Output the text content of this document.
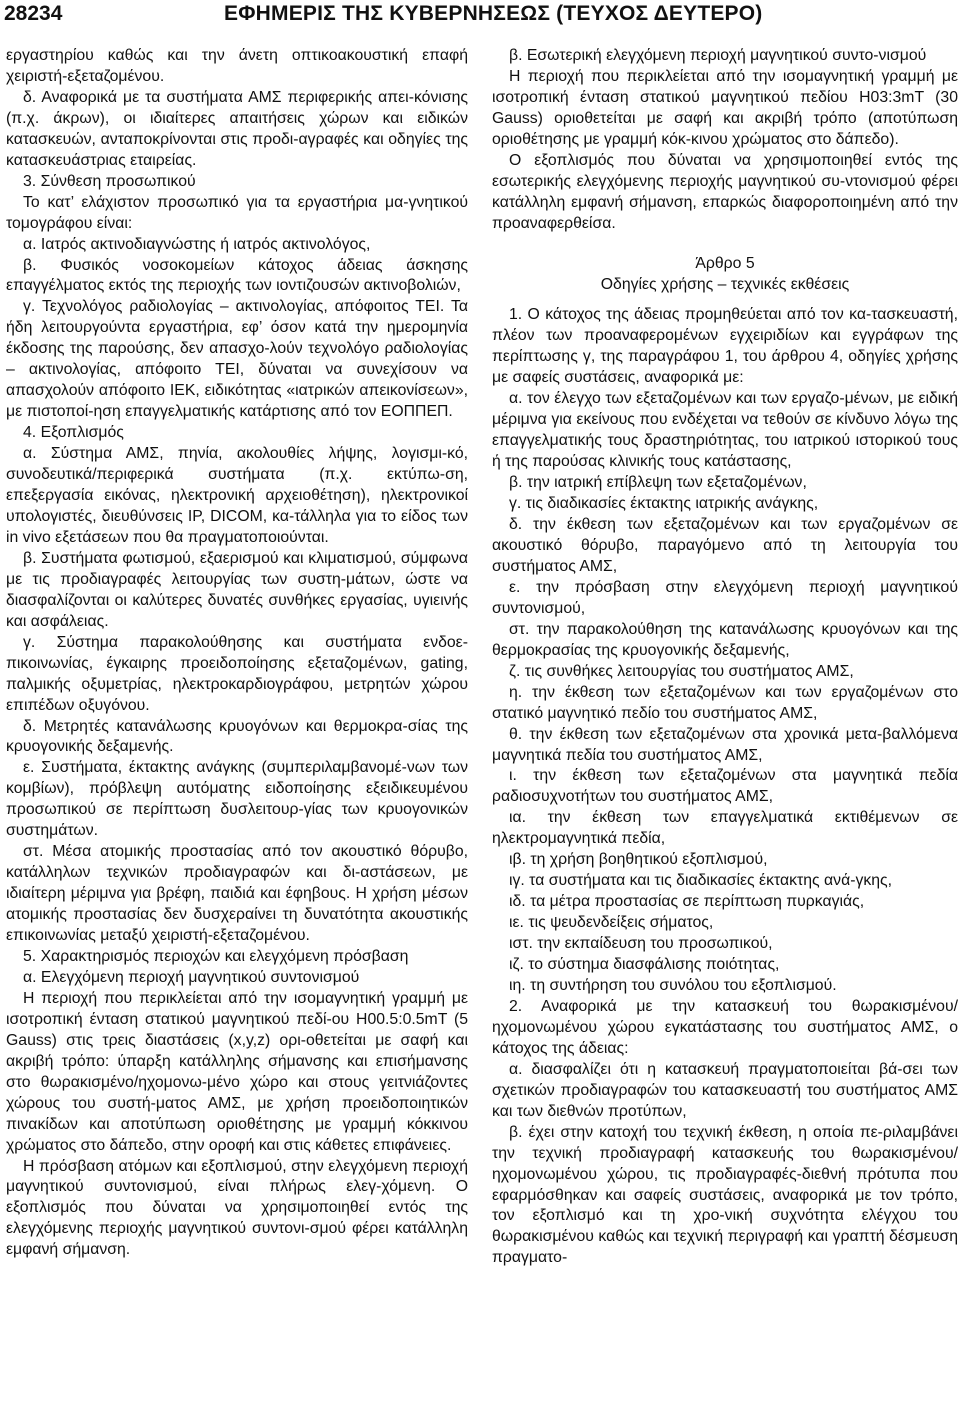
28234	ΕΦΗΜΕΡΙΣ ΤΗΣ ΚΥΒΕΡΝΗΣΕΩΣ (ΤΕΥΧΟΣ ΔΕΥΤΕΡΟ)

εργαστηρίου καθώς και την άνετη οπτικοακουστική επαφή χειριστή-εξεταζομένου.

δ. Αναφορικά με τα συστήματα ΑΜΣ περιφερικής απει-κόνισης (π.χ. άκρων), οι ιδιαίτερες απαιτήσεις χώρων και ειδικών κατασκευών, ανταποκρίνονται στις προδι-αγραφές και οδηγίες της κατασκευάστριας εταιρείας.

3. Σύνθεση προσωπικού

Το κατ’ ελάχιστον προσωπικό για τα εργαστήρια μα-γνητικού τομογράφου είναι:

α. Ιατρός ακτινοδιαγνώστης ή ιατρός ακτινολόγος,

β. Φυσικός νοσοκομείων κάτοχος άδειας άσκησης επαγγέλματος εκτός της περιοχής των ιοντιζουσών ακτινοβολιών,

γ. Τεχνολόγος ραδιολογίας – ακτινολογίας, απόφοιτος ΤΕΙ. Τα ήδη λειτουργούντα εργαστήρια, εφ’ όσον κατά την ημερομηνία έκδοσης της παρούσης, δεν απασχο-λούν τεχνολόγο ραδιολογίας – ακτινολογίας, απόφοιτο ΤΕΙ, δύναται να συνεχίσουν να απασχολούν απόφοιτο ΙΕΚ, ειδικότητας «ιατρικών απεικονίσεων», με πιστοποί-ηση επαγγελματικής κατάρτισης από τον ΕΟΠΠΕΠ.

4. Εξοπλισμός

α. Σύστημα ΑΜΣ, πηνία, ακολουθίες λήψης, λογισμι-κό, συνοδευτικά/περιφερικά συστήματα (π.χ. εκτύπω-ση, επεξεργασία εικόνας, ηλεκτρονική αρχειοθέτηση), ηλεκτρονικοί υπολογιστές, διευθύνσεις IP, DICOM, κα-τάλληλα για το είδος των in vivo εξετάσεων που θα πραγματοποιούνται.

β. Συστήματα φωτισμού, εξαερισμού και κλιματισμού, σύμφωνα με τις προδιαγραφές λειτουργίας των συστη-μάτων, ώστε να διασφαλίζονται οι καλύτερες δυνατές συνθήκες εργασίας, υγιεινής και ασφάλειας.

γ. Σύστημα παρακολούθησης και συστήματα ενδοε-πικοινωνίας, έγκαιρης προειδοποίησης εξεταζομένων, gating, παλμικής οξυμετρίας, ηλεκτροκαρδιογράφου, μετρητών χώρου επιπέδων οξυγόνου.

δ. Μετρητές κατανάλωσης κρυογόνων και θερμοκρα-σίας της κρυογονικής δεξαμενής.

ε. Συστήματα, έκτακτης ανάγκης (συμπεριλαμβανομέ-νων των κομβίων), πρόβλεψη αυτόματης ειδοποίησης εξειδικευμένου προσωπικού σε περίπτωση δυσλειτουρ-γίας των κρυογονικών συστημάτων.

στ. Μέσα ατομικής προστασίας από τον ακουστικό θόρυβο, κατάλληλων τεχνικών προδιαγραφών και δι-αστάσεων, με ιδιαίτερη μέριμνα για βρέφη, παιδιά και έφηβους. Η χρήση μέσων ατομικής προστασίας δεν δυσχεραίνει τη δυνατότητα ακουστικής επικοινωνίας μεταξύ χειριστή-εξεταζομένου.

5. Χαρακτηρισμός περιοχών και ελεγχόμενη πρόσβαση

α. Ελεγχόμενη περιοχή μαγνητικού συντονισμού

Η περιοχή που περικλείεται από την ισομαγνητική γραμμή με ισοτροπική ένταση στατικού μαγνητικού πεδί-ου H00.5:0.5mT (5 Gauss) στις τρεις διαστάσεις (x,y,z) ορι-οθετείται με σαφή και ακριβή τρόπο: ύπαρξη κατάλληλης σήμανσης και επισήμανσης στο θωρακισμένο/ηχομονω-μένο χώρο και στους γειτνιάζοντες χώρους του συστή-ματος ΑΜΣ, με χρήση προειδοποιητικών πινακίδων και αποτύπωση οριοθέτησης με γραμμή κόκκινου χρώματος στο δάπεδο, στην οροφή και στις κάθετες επιφάνειες.

Η πρόσβαση ατόμων και εξοπλισμού, στην ελεγχόμενη περιοχή μαγνητικού συντονισμού, είναι πλήρως ελεγ-χόμενη. Ο εξοπλισμός που δύναται να χρησιμοποιηθεί εντός της ελεγχόμενης περιοχής μαγνητικού συντονι-σμού φέρει κατάλληλη εμφανή σήμανση.

β. Εσωτερική ελεγχόμενη περιοχή μαγνητικού συντο-νισμού

Η περιοχή που περικλείεται από την ισομαγνητική γραμμή με ισοτροπική ένταση στατικού μαγνητικού πεδίου H03:3mT (30 Gauss) οριοθετείται με σαφή και ακριβή τρόπο (αποτύπωση οριοθέτησης με γραμμή κόκ-κινου χρώματος στο δάπεδο).

Ο εξοπλισμός που δύναται να χρησιμοποιηθεί εντός της εσωτερικής ελεγχόμενης περιοχής μαγνητικού συ-ντονισμού φέρει κατάλληλη εμφανή σήμανση, επαρκώς διαφοροποιημένη από την προαναφερθείσα.

Άρθρο 5

Οδηγίες χρήσης – τεχνικές εκθέσεις

1. Ο κάτοχος της άδειας προμηθεύεται από τον κα-τασκευαστή, πλέον των προαναφερομένων εγχειριδίων και εγγράφων της περίπτωσης γ, της παραγράφου 1, του άρθρου 4, οδηγίες χρήσης με σαφείς συστάσεις, αναφορικά με:

α. τον έλεγχο των εξεταζομένων και των εργαζο-μένων, με ειδική μέριμνα για εκείνους που ενδέχεται να τεθούν σε κίνδυνο λόγω της επαγγελματικής τους δραστηριότητας, του ιατρικού ιστορικού τους ή της παρούσας κλινικής τους κατάστασης,

β. την ιατρική επίβλεψη των εξεταζομένων,

γ. τις διαδικασίες έκτακτης ιατρικής ανάγκης,

δ. την έκθεση των εξεταζομένων και των εργαζομένων σε ακουστικό θόρυβο, παραγόμενο από τη λειτουργία του συστήματος ΑΜΣ,

ε. την πρόσβαση στην ελεγχόμενη περιοχή μαγνητικού συντονισμού,

στ. την παρακολούθηση της κατανάλωσης κρυογόνων και της θερμοκρασίας της κρυογονικής δεξαμενής,

ζ. τις συνθήκες λειτουργίας του συστήματος ΑΜΣ,

η. την έκθεση των εξεταζομένων και των εργαζομένων στο στατικό μαγνητικό πεδίο του συστήματος ΑΜΣ,

θ. την έκθεση των εξεταζομένων στα χρονικά μετα-βαλλόμενα μαγνητικά πεδία του συστήματος ΑΜΣ,

ι. την έκθεση των εξεταζομένων στα μαγνητικά πεδία ραδιοσυχνοτήτων του συστήματος ΑΜΣ,

ια. την έκθεση των επαγγελματικά εκτιθέμενων σε ηλεκτρομαγνητικά πεδία,

ιβ. τη χρήση βοηθητικού εξοπλισμού,

ιγ. τα συστήματα και τις διαδικασίες έκτακτης ανά-γκης,

ιδ. τα μέτρα προστασίας σε περίπτωση πυρκαγιάς,

ιε. τις ψευδενδείξεις σήματος,

ιστ. την εκπαίδευση του προσωπικού,

ιζ. το σύστημα διασφάλισης ποιότητας,

ιη. τη συντήρηση του συνόλου του εξοπλισμού.

2. Αναφορικά με την κατασκευή του θωρακισμένου/ ηχομονωμένου χώρου εγκατάστασης του συστήματος ΑΜΣ, ο κάτοχος της άδειας:

α. διασφαλίζει ότι η κατασκευή πραγματοποιείται βά-σει των σχετικών προδιαγραφών του κατασκευαστή του συστήματος ΑΜΣ και των διεθνών προτύπων,

β. έχει στην κατοχή του τεχνική έκθεση, η οποία πε-ριλαμβάνει την τεχνική προδιαγραφή κατασκευής του θωρακισμένου/ηχομονωμένου χώρου, τις προδιαγραφές-διεθνή πρότυπα που εφαρμόσθηκαν και σαφείς συστάσεις, αναφορικά με τον τρόπο, τον εξοπλισμό και τη χρο-νική συχνότητα ελέγχου του θωρακισμένου καθώς και τεχνική περιγραφή και γραπτή δέσμευση πραγματο-
